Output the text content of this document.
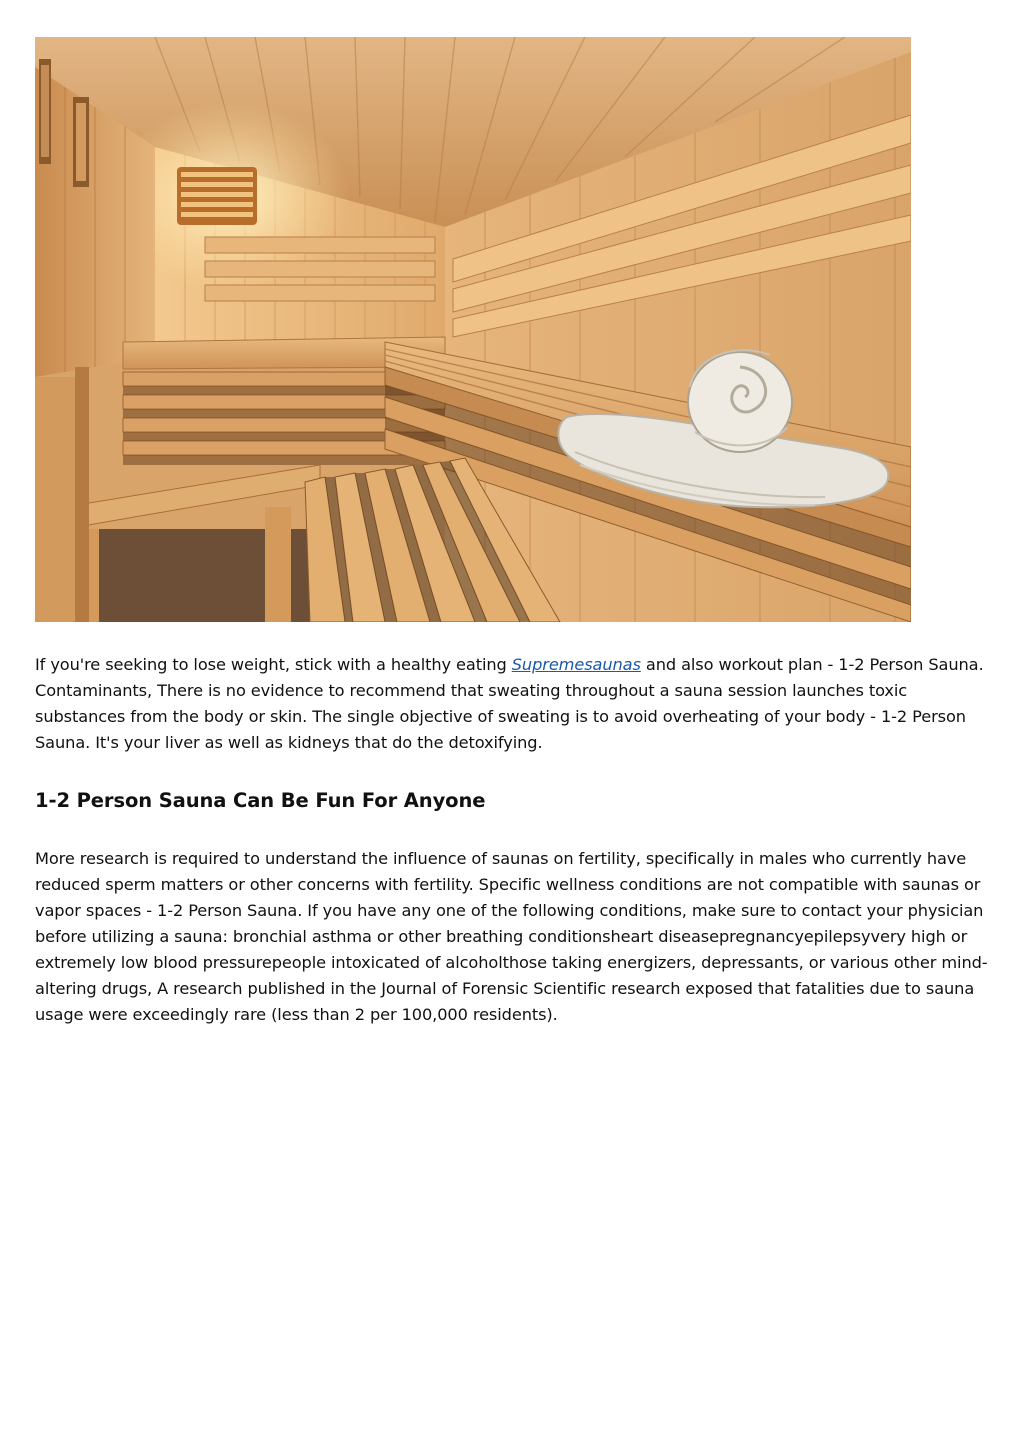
If you're seeking to lose weight, stick with a healthy eating Supremesaunas and also workout plan - 1-2 Person Sauna. Contaminants, There is no evidence to recommend that sweating throughout a sauna session launches toxic substances from the body or skin. The single objective of sweating is to avoid overheating of your body - 1-2 Person Sauna. It's your liver as well as kidneys that do the detoxifying.

1-2 Person Sauna Can Be Fun For Anyone

More research is required to understand the influence of saunas on fertility, specifically in males who currently have reduced sperm matters or other concerns with fertility. Specific wellness conditions are not compatible with saunas or vapor spaces - 1-2 Person Sauna. If you have any one of the following conditions, make sure to contact your physician before utilizing a sauna: bronchial asthma or other breathing conditionsheart diseasepregnancyepilepsyvery high or extremely low blood pressurepeople intoxicated of alcoholthose taking energizers, depressants, or various other mind-altering drugs, A research published in the Journal of Forensic Scientific research exposed that fatalities due to sauna usage were exceedingly rare (less than 2 per 100,000 residents).
